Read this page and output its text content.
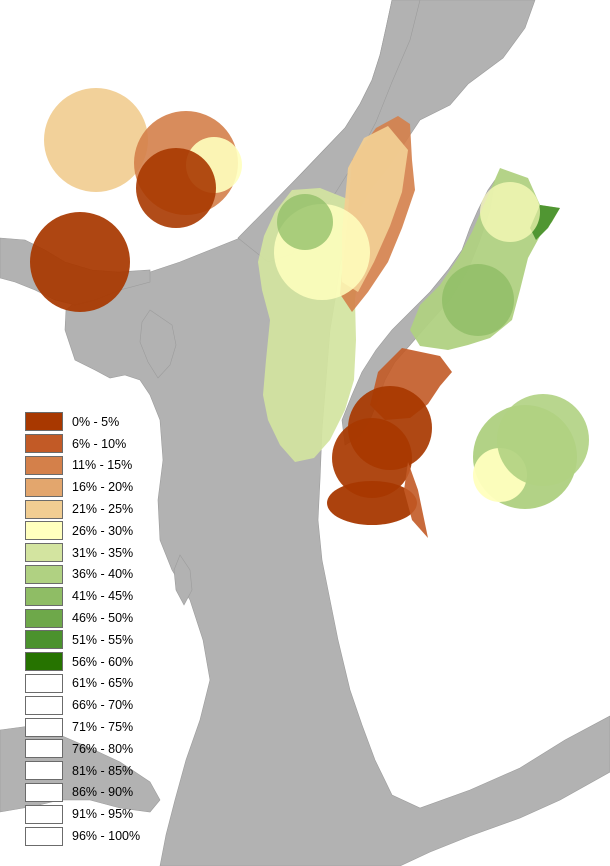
0% - 5%
6% - 10%
11% - 15%
16% - 20%
21% - 25%
26% - 30%
31% - 35%
36% - 40%
41% - 45%
46% - 50%
51% - 55%
56% - 60%
61% - 65%
66% - 70%
71% - 75%
76% - 80%
81% - 85%
86% - 90%
91% - 95%
96% - 100%
